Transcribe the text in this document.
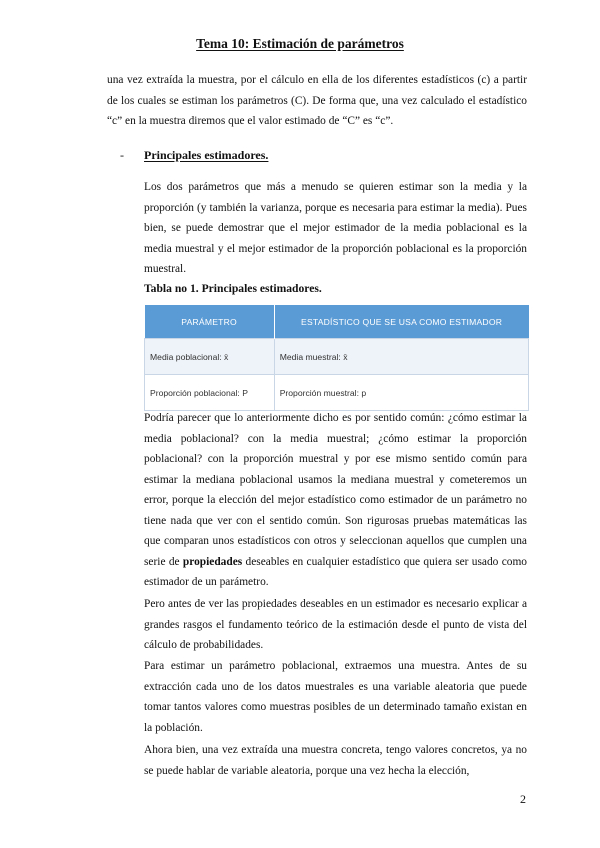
Tema 10: Estimación de parámetros

una vez extraída la muestra, por el cálculo en ella de los diferentes estadísticos (c) a partir de los cuales se estiman los parámetros (C). De forma que, una vez calculado el estadístico “c” en la muestra diremos que el valor estimado de “C” es “c”.

- Principales estimadores.

Los dos parámetros que más a menudo se quieren estimar son la media y la proporción (y también la varianza, porque es necesaria para estimar la media). Pues bien, se puede demostrar que el mejor estimador de la media poblacional es la media muestral y el mejor estimador de la proporción poblacional es la proporción muestral.

Tabla no 1. Principales estimadores.
PARÁMETRO	ESTADÍSTICO QUE SE USA COMO ESTIMADOR
Media poblacional: x̄	Media muestral: x̄
Proporción poblacional: P	Proporción muestral: p

Podría parecer que lo anteriormente dicho es por sentido común: ¿cómo estimar la media poblacional? con la media muestral; ¿cómo estimar la proporción poblacional? con la proporción muestral y por ese mismo sentido común para estimar la mediana poblacional usamos la mediana muestral y cometeremos un error, porque la elección del mejor estadístico como estimador de un parámetro no tiene nada que ver con el sentido común. Son rigurosas pruebas matemáticas las que comparan unos estadísticos con otros y seleccionan aquellos que cumplen una serie de propiedades deseables en cualquier estadístico que quiera ser usado como estimador de un parámetro.

Pero antes de ver las propiedades deseables en un estimador es necesario explicar a grandes rasgos el fundamento teórico de la estimación desde el punto de vista del cálculo de probabilidades.

Para estimar un parámetro poblacional, extraemos una muestra. Antes de su extracción cada uno de los datos muestrales es una variable aleatoria que puede tomar tantos valores como muestras posibles de un determinado tamaño existan en la población.

Ahora bien, una vez extraída una muestra concreta, tengo valores concretos, ya no se puede hablar de variable aleatoria, porque una vez hecha la elección,

2
